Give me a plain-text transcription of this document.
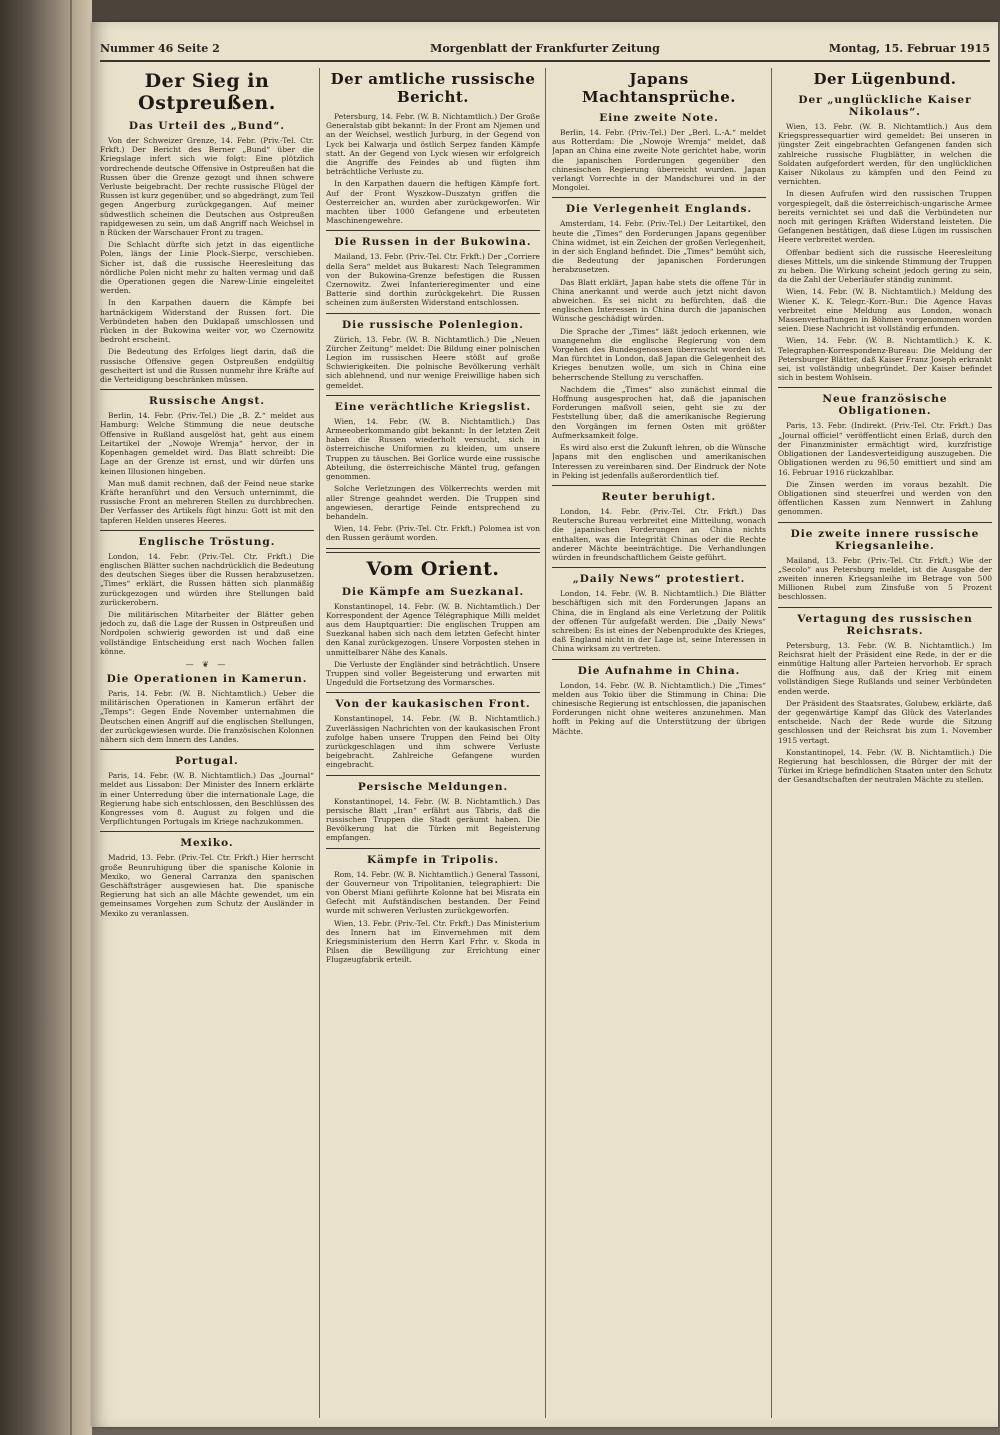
Nummer 46 Seite 2	Morgenblatt der Frankfurter Zeitung	Montag, 15. Februar 1915
Der Sieg in Ostpreußen.
Das Urteil des „Bund“.

Von der Schweizer Grenze, 14. Febr. (Priv.-Tel. Ctr. Frkft.) Der Bericht des Berner „Bund“ über die Kriegslage infert sich wie folgt: Eine plötzlich vordrechende deutsche Offensive in Ostpreußen hat die Russen über die Grenze gezogt und ihnen schwere Verluste beigebracht. Der rechte russische Flügel der Russen ist kurz gegenüber, und so abgedrängt, zum Teil gegen Angerburg zurückgegangen. Auf meiner südwestlich scheinen die Deutschen aus Ostpreußen rapidgewesen zu sein, um daß Angriff nach Weichsel in n Rücken der Warschauer Front zu tragen.

Die Schlacht dürfte sich jetzt in das eigentliche Polen, längs der Linie Plock–Sierpc, verschieben. Sicher ist, daß die russische Heeresleitung das nördliche Polen nicht mehr zu halten vermag und daß die Operationen gegen die Narew-Linie eingeleitet werden.

In den Karpathen dauern die Kämpfe bei hartnäckigem Widerstand der Russen fort. Die Verbündeten haben den Duklapaß umschlossen und rücken in der Bukowina weiter vor, wo Czernowitz bedroht erscheint.

Die Bedeutung des Erfolges liegt darin, daß die russische Offensive gegen Ostpreußen endgültig gescheitert ist und die Russen nunmehr ihre Kräfte auf die Verteidigung beschränken müssen.

Russische Angst.

Berlin, 14. Febr. (Priv.-Tel.) Die „B. Z.“ meldet aus Hamburg: Welche Stimmung die neue deutsche Offensive in Rußland ausgelöst hat, geht aus einem Leitartikel der „Nowoje Wremja“ hervor, der in Kopenhagen gemeldet wird. Das Blatt schreibt: Die Lage an der Grenze ist ernst, und wir dürfen uns keinen Illusionen hingeben.

Man muß damit rechnen, daß der Feind neue starke Kräfte heranführt und den Versuch unternimmt, die russische Front an mehreren Stellen zu durchbrechen. Der Verfasser des Artikels fügt hinzu: Gott ist mit den tapferen Helden unseres Heeres.

Englische Tröstung.

London, 14. Febr. (Priv.-Tel. Ctr. Frkft.) Die englischen Blätter suchen nachdrücklich die Bedeutung des deutschen Sieges über die Russen herabzusetzen. „Times“ erklärt, die Russen hätten sich planmäßig zurückgezogen und würden ihre Stellungen bald zurückerobern.

Die militärischen Mitarbeiter der Blätter geben jedoch zu, daß die Lage der Russen in Ostpreußen und Nordpolen schwierig geworden ist und daß eine vollständige Entscheidung erst nach Wochen fallen könne.

— ❦ —
Die Operationen in Kamerun.

Paris, 14. Febr. (W. B. Nichtamtlich.) Ueber die militärischen Operationen in Kamerun erfährt der „Temps“: Gegen Ende November unternahmen die Deutschen einen Angriff auf die englischen Stellungen, der zurückgewiesen wurde. Die französischen Kolonnen nähern sich dem Innern des Landes.

Portugal.

Paris, 14. Febr. (W. B. Nichtamtlich.) Das „Journal“ meldet aus Lissabon: Der Minister des Innern erklärte in einer Unterredung über die internationale Lage, die Regierung habe sich entschlossen, den Beschlüssen des Kongresses vom 8. August zu folgen und die Verpflichtungen Portugals im Kriege nachzukommen.

Mexiko.

Madrid, 13. Febr. (Priv.-Tel. Ctr. Frkft.) Hier herrscht große Beunruhigung über die spanische Kolonie in Mexiko, wo General Carranza den spanischen Geschäftsträger ausgewiesen hat. Die spanische Regierung hat sich an alle Mächte gewendet, um ein gemeinsames Vorgehen zum Schutz der Ausländer in Mexiko zu veranlassen.

Der amtliche russische Bericht.

Petersburg, 14. Febr. (W. B. Nichtamtlich.) Der Große Generalstab gibt bekannt: In der Front am Njemen und an der Weichsel, westlich Jurburg, in der Gegend von Lyck bei Kalwarja und östlich Serpez fanden Kämpfe statt. An der Gegend von Lyck wiesen wir erfolgreich die Angriffe des Feindes ab und fügten ihm beträchtliche Verluste zu.

In den Karpathen dauern die heftigen Kämpfe fort. Auf der Front Wyszkow–Duszatyn griffen die Oesterreicher an, wurden aber zurückgeworfen. Wir machten über 1000 Gefangene und erbeuteten Maschinengewehre.

Die Russen in der Bukowina.

Mailand, 13. Febr. (Priv.-Tel. Ctr. Frkft.) Der „Corriere della Sera“ meldet aus Bukarest: Nach Telegrammen von der Bukowina-Grenze befestigen die Russen Czernowitz. Zwei Infanterieregimenter und eine Batterie sind dorthin zurückgekehrt. Die Russen scheinen zum äußersten Widerstand entschlossen.

Die russische Polenlegion.

Zürich, 13. Febr. (W. B. Nichtamtlich.) Die „Neuen Zürcher Zeitung“ meldet: Die Bildung einer polnischen Legion im russischen Heere stößt auf große Schwierigkeiten. Die polnische Bevölkerung verhält sich ablehnend, und nur wenige Freiwillige haben sich gemeldet.

Eine verächtliche Kriegslist.

Wien, 14. Febr. (W. B. Nichtamtlich.) Das Armeeoberkommando gibt bekannt: In der letzten Zeit haben die Russen wiederholt versucht, sich in österreichische Uniformen zu kleiden, um unsere Truppen zu täuschen. Bei Gorlice wurde eine russische Abteilung, die österreichische Mäntel trug, gefangen genommen.

Solche Verletzungen des Völkerrechts werden mit aller Strenge geahndet werden. Die Truppen sind angewiesen, derartige Feinde entsprechend zu behandeln.

Wien, 14. Febr. (Priv.-Tel. Ctr. Frkft.) Polomea ist von den Russen geräumt worden.

Vom Orient.
Die Kämpfe am Suezkanal.

Konstantinopel, 14. Febr. (W. B. Nichtamtlich.) Der Korrespondent der Agence Télégraphique Milli meldet aus dem Hauptquartier: Die englischen Truppen am Suezkanal haben sich nach dem letzten Gefecht hinter den Kanal zurückgezogen. Unsere Vorposten stehen in unmittelbarer Nähe des Kanals.

Die Verluste der Engländer sind beträchtlich. Unsere Truppen sind voller Begeisterung und erwarten mit Ungeduld die Fortsetzung des Vormarsches.

Von der kaukasischen Front.

Konstantinopel, 14. Febr. (W. B. Nichtamtlich.) Zuverlässigen Nachrichten von der kaukasischen Front zufolge haben unsere Truppen den Feind bei Olty zurückgeschlagen und ihm schwere Verluste beigebracht. Zahlreiche Gefangene wurden eingebracht.

Persische Meldungen.

Konstantinopel, 14. Febr. (W. B. Nichtamtlich.) Das persische Blatt „Iran“ erfährt aus Täbris, daß die russischen Truppen die Stadt geräumt haben. Die Bevölkerung hat die Türken mit Begeisterung empfangen.

Kämpfe in Tripolis.

Rom, 14. Febr. (W. B. Nichtamtlich.) General Tassoni, der Gouverneur von Tripolitanien, telegraphiert: Die von Oberst Miani geführte Kolonne hat bei Misrata ein Gefecht mit Aufständischen bestanden. Der Feind wurde mit schweren Verlusten zurückgeworfen.

Wien, 13. Febr. (Priv.-Tel. Ctr. Frkft.) Das Ministerium des Innern hat im Einvernehmen mit dem Kriegsministerium den Herrn Karl Frhr. v. Skoda in Pilsen die Bewilligung zur Errichtung einer Flugzeugfabrik erteilt.

Japans Machtansprüche.
Eine zweite Note.

Berlin, 14. Febr. (Priv.-Tel.) Der „Berl. L.-A.“ meldet aus Rotterdam: Die „Nowoje Wremja“ meldet, daß Japan an China eine zweite Note gerichtet habe, worin die japanischen Forderungen gegenüber den chinesischen Regierung überreicht wurden. Japan verlangt Vorrechte in der Mandschurei und in der Mongolei.

Die Verlegenheit Englands.

Amsterdam, 14. Febr. (Priv.-Tel.) Der Leitartikel, den heute die „Times“ den Forderungen Japans gegenüber China widmet, ist ein Zeichen der großen Verlegenheit, in der sich England befindet. Die „Times“ bemüht sich, die Bedeutung der japanischen Forderungen herabzusetzen.

Das Blatt erklärt, Japan habe stets die offene Tür in China anerkannt und werde auch jetzt nicht davon abweichen. Es sei nicht zu befürchten, daß die englischen Interessen in China durch die japanischen Wünsche geschädigt würden.

Die Sprache der „Times“ läßt jedoch erkennen, wie unangenehm die englische Regierung von dem Vorgehen des Bundesgenossen überrascht worden ist. Man fürchtet in London, daß Japan die Gelegenheit des Krieges benutzen wolle, um sich in China eine beherrschende Stellung zu verschaffen.

Nachdem die „Times“ also zunächst einmal die Hoffnung ausgesprochen hat, daß die japanischen Forderungen maßvoll seien, geht sie zu der Feststellung über, daß die amerikanische Regierung den Vorgängen im fernen Osten mit größter Aufmerksamkeit folge.

Es wird also erst die Zukunft lehren, ob die Wünsche Japans mit den englischen und amerikanischen Interessen zu vereinbaren sind. Der Eindruck der Note in Peking ist jedenfalls außerordentlich tief.

Reuter beruhigt.

London, 14. Febr. (Priv.-Tel. Ctr. Frkft.) Das Reutersche Bureau verbreitet eine Mitteilung, wonach die japanischen Forderungen an China nichts enthalten, was die Integrität Chinas oder die Rechte anderer Mächte beeinträchtige. Die Verhandlungen würden in freundschaftlichem Geiste geführt.

„Daily News“ protestiert.

London, 14. Febr. (W. B. Nichtamtlich.) Die Blätter beschäftigen sich mit den Forderungen Japans an China, die in England als eine Verletzung der Politik der offenen Tür aufgefaßt werden. Die „Daily News“ schreiben: Es ist eines der Nebenprodukte des Krieges, daß England nicht in der Lage ist, seine Interessen in China wirksam zu vertreten.

Die Aufnahme in China.

London, 14. Febr. (W. B. Nichtamtlich.) Die „Times“ melden aus Tokio über die Stimmung in China: Die chinesische Regierung ist entschlossen, die japanischen Forderungen nicht ohne weiteres anzunehmen. Man hofft in Peking auf die Unterstützung der übrigen Mächte.

Der Lügenbund.
Der „unglückliche Kaiser Nikolaus“.

Wien, 13. Febr. (W. B. Nichtamtlich.) Aus dem Kriegspressequartier wird gemeldet: Bei unseren in jüngster Zeit eingebrachten Gefangenen fanden sich zahlreiche russische Flugblätter, in welchen die Soldaten aufgefordert werden, für den unglücklichen Kaiser Nikolaus zu kämpfen und den Feind zu vernichten.

In diesen Aufrufen wird den russischen Truppen vorgespiegelt, daß die österreichisch-ungarische Armee bereits vernichtet sei und daß die Verbündeten nur noch mit geringen Kräften Widerstand leisteten. Die Gefangenen bestätigen, daß diese Lügen im russischen Heere verbreitet werden.

Offenbar bedient sich die russische Heeresleitung dieses Mittels, um die sinkende Stimmung der Truppen zu heben. Die Wirkung scheint jedoch gering zu sein, da die Zahl der Ueberläufer ständig zunimmt.

Wien, 14. Febr. (W. B. Nichtamtlich.) Meldung des Wiener K. K. Telegr.-Korr.-Bur.: Die Agence Havas verbreitet eine Meldung aus London, wonach Massenverhaftungen in Böhmen vorgenommen worden seien. Diese Nachricht ist vollständig erfunden.

Wien, 14. Febr. (W. B. Nichtamtlich.) K. K. Telegraphen-Korrespondenz-Bureau: Die Meldung der Petersburger Blätter, daß Kaiser Franz Joseph erkrankt sei, ist vollständig unbegründet. Der Kaiser befindet sich in bestem Wohlsein.

Neue französische Obligationen.

Paris, 13. Febr. (Indirekt. (Priv.-Tel. Ctr. Frkft.) Das „Journal officiel“ veröffentlicht einen Erlaß, durch den der Finanzminister ermächtigt wird, kurzfristige Obligationen der Landesverteidigung auszugeben. Die Obligationen werden zu 96,50 emittiert und sind am 16. Februar 1916 rückzahlbar.

Die Zinsen werden im voraus bezahlt. Die Obligationen sind steuerfrei und werden von den öffentlichen Kassen zum Nennwert in Zahlung genommen.

Die zweite innere russische Kriegsanleihe.

Mailand, 13. Febr. (Priv.-Tel. Ctr. Frkft.) Wie der „Secolo“ aus Petersburg meldet, ist die Ausgabe der zweiten inneren Kriegsanleihe im Betrage von 500 Millionen Rubel zum Zinsfuße von 5 Prozent beschlossen.

Vertagung des russischen Reichsrats.

Petersburg, 13. Febr. (W. B. Nichtamtlich.) Im Reichsrat hielt der Präsident eine Rede, in der er die einmütige Haltung aller Parteien hervorhob. Er sprach die Hoffnung aus, daß der Krieg mit einem vollständigen Siege Rußlands und seiner Verbündeten enden werde.

Der Präsident des Staatsrates, Golubew, erklärte, daß der gegenwärtige Kampf das Glück des Vaterlandes entscheide. Nach der Rede wurde die Sitzung geschlossen und der Reichsrat bis zum 1. November 1915 vertagt.

Konstantinopel, 14. Febr. (W. B. Nichtamtlich.) Die Regierung hat beschlossen, die Bürger der mit der Türkei im Kriege befindlichen Staaten unter den Schutz der Gesandtschaften der neutralen Mächte zu stellen.
